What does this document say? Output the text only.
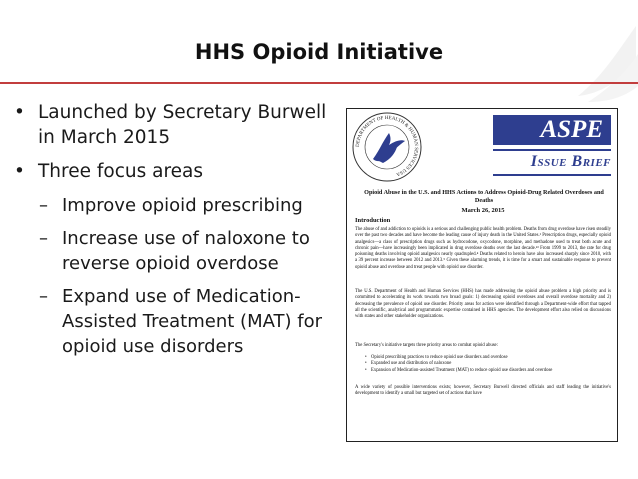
HHS Opioid Initiative
• Launched by Secretary Burwell in March 2015
• Three focus areas
– Improve opioid prescribing
– Increase use of naloxone to reverse opioid overdose
– Expand use of Medication-Assisted Treatment (MAT) for opioid use disorders
DEPARTMENT OF HEALTH & HUMAN SERVICES USA
ASPE
Issue Brief
Opioid Abuse in the U.S. and HHS Actions to Address Opioid-Drug Related Overdoses and Deaths
March 26, 2015
Introduction
The abuse of and addiction to opioids is a serious and challenging public health problem. Deaths from drug overdose have risen steadily over the past two decades and have become the leading cause of injury death in the United States.¹ Prescription drugs, especially opioid analgesics—a class of prescription drugs such as hydrocodone, oxycodone, morphine, and methadone used to treat both acute and chronic pain—have increasingly been implicated in drug overdose deaths over the last decade.²³ From 1999 to 2013, the rate for drug poisoning deaths involving opioid analgesics nearly quadrupled.⁴ Deaths related to heroin have also increased sharply since 2010, with a 39 percent increase between 2012 and 2013.⁵ Given these alarming trends, it is time for a smart and sustainable response to prevent opioid abuse and overdose and treat people with opioid use disorder.
The U.S. Department of Health and Human Services (HHS) has made addressing the opioid abuse problem a high priority and is committed to accelerating its work towards two broad goals: 1) decreasing opioid overdoses and overall overdose mortality and 2) decreasing the prevalence of opioid use disorder. Priority areas for action were identified through a Department-wide effort that tapped all the scientific, analytical and programmatic expertise contained in HHS agencies. The development effort also relied on discussions with states and other stakeholder organizations.
The Secretary's initiative targets three priority areas to combat opioid abuse:
• Opioid prescribing practices to reduce opioid use disorders and overdose
• Expanded use and distribution of naloxone
• Expansion of Medication-assisted Treatment (MAT) to reduce opioid use disorders and overdose
A wide variety of possible interventions exists; however, Secretary Burwell directed officials and staff leading the initiative's development to identify a small but targeted set of actions that have
